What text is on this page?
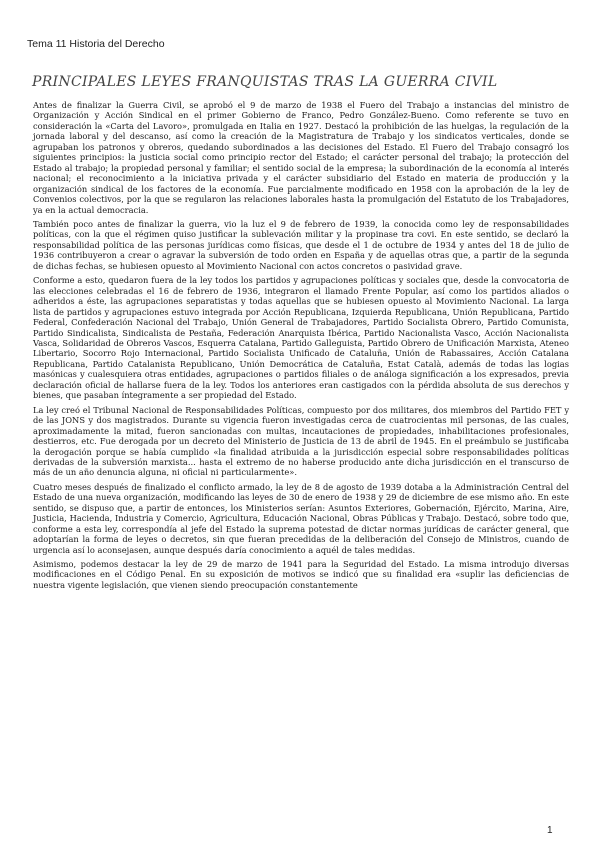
Tema 11 Historia del Derecho
PRINCIPALES LEYES FRANQUISTAS TRAS LA GUERRA CIVIL

Antes de finalizar la Guerra Civil, se aprobó el 9 de marzo de 1938 el Fuero del Trabajo a instancias del ministro de Organización y Acción Sindical en el primer Gobierno de Franco, Pedro González-Bueno. Como referente se tuvo en consideración la «Carta del Lavoro», promulgada en Italia en 1927. Destacó la prohibición de las huelgas, la regulación de la jornada laboral y del descanso, así como la creación de la Magistratura de Trabajo y los sindicatos verticales, donde se agrupaban los patronos y obreros, quedando subordinados a las decisiones del Estado. El Fuero del Trabajo consagró los siguientes principios: la justicia social como principio rector del Estado; el carácter personal del trabajo; la protección del Estado al trabajo; la propiedad personal y familiar; el sentido social de la empresa; la subordinación de la economía al interés nacional; el reconocimiento a la iniciativa privada y el carácter subsidiario del Estado en materia de producción y la organización sindical de los factores de la economía. Fue parcialmente modificado en 1958 con la aprobación de la ley de Convenios colectivos, por la que se regularon las relaciones laborales hasta la promulgación del Estatuto de los Trabajadores, ya en la actual democracia.

También poco antes de finalizar la guerra, vio la luz el 9 de febrero de 1939, la conocida como ley de responsabilidades políticas, con la que el régimen quiso justificar la sublevación militar y la propinase tra covi. En este sentido, se declaró la responsabilidad política de las personas jurídicas como físicas, que desde el 1 de octubre de 1934 y antes del 18 de julio de 1936 contribuyeron a crear o agravar la subversión de todo orden en España y de aquellas otras que, a partir de la segunda de dichas fechas, se hubiesen opuesto al Movimiento Nacional con actos concretos o pasividad grave.

Conforme a esto, quedaron fuera de la ley todos los partidos y agrupaciones políticas y sociales que, desde la convocatoria de las elecciones celebradas el 16 de febrero de 1936, integraron el llamado Frente Popular, así como los partidos aliados o adheridos a éste, las agrupaciones separatistas y todas aquellas que se hubiesen opuesto al Movimiento Nacional. La larga lista de partidos y agrupaciones estuvo integrada por Acción Republicana, Izquierda Republicana, Unión Republicana, Partido Federal, Confederación Nacional del Trabajo, Unión General de Trabajadores, Partido Socialista Obrero, Partido Comunista, Partido Sindicalista, Sindicalista de Pestaña, Federación Anarquista Ibérica, Partido Nacionalista Vasco, Acción Nacionalista Vasca, Solidaridad de Obreros Vascos, Esquerra Catalana, Partido Galleguista, Partido Obrero de Unificación Marxista, Ateneo Libertario, Socorro Rojo Internacional, Partido Socialista Unificado de Cataluña, Unión de Rabassaires, Acción Catalana Republicana, Partido Catalanista Republicano, Unión Democrática de Cataluña, Estat Català, además de todas las logias masónicas y cualesquiera otras entidades, agrupaciones o partidos filiales o de análoga significación a los expresados, previa declaración oficial de hallarse fuera de la ley. Todos los anteriores eran castigados con la pérdida absoluta de sus derechos y bienes, que pasaban íntegramente a ser propiedad del Estado.

La ley creó el Tribunal Nacional de Responsabilidades Políticas, compuesto por dos militares, dos miembros del Partido FET y de las JONS y dos magistrados. Durante su vigencia fueron investigadas cerca de cuatrocientas mil personas, de las cuales, aproximadamente la mitad, fueron sancionadas con multas, incautaciones de propiedades, inhabilitaciones profesionales, destierros, etc. Fue derogada por un decreto del Ministerio de Justicia de 13 de abril de 1945. En el preámbulo se justificaba la derogación porque se había cumplido «la finalidad atribuida a la jurisdicción especial sobre responsabilidades políticas derivadas de la subversión marxista... hasta el extremo de no haberse producido ante dicha jurisdicción en el transcurso de más de un año denuncia alguna, ni oficial ni particularmente».

Cuatro meses después de finalizado el conflicto armado, la ley de 8 de agosto de 1939 dotaba a la Administración Central del Estado de una nueva organización, modificando las leyes de 30 de enero de 1938 y 29 de diciembre de ese mismo año. En este sentido, se dispuso que, a partir de entonces, los Ministerios serían: Asuntos Exteriores, Gobernación, Ejército, Marina, Aire, Justicia, Hacienda, Industria y Comercio, Agricultura, Educación Nacional, Obras Públicas y Trabajo. Destacó, sobre todo que, conforme a esta ley, correspondía al jefe del Estado la suprema potestad de dictar normas jurídicas de carácter general, que adoptarían la forma de leyes o decretos, sin que fueran precedidas de la deliberación del Consejo de Ministros, cuando de urgencia así lo aconsejasen, aunque después daría conocimiento a aquél de tales medidas.

Asimismo, podemos destacar la ley de 29 de marzo de 1941 para la Seguridad del Estado. La misma introdujo diversas modificaciones en el Código Penal. En su exposición de motivos se indicó que su finalidad era «suplir las deficiencias de nuestra vigente legislación, que vienen siendo preocupación constantemente

1
